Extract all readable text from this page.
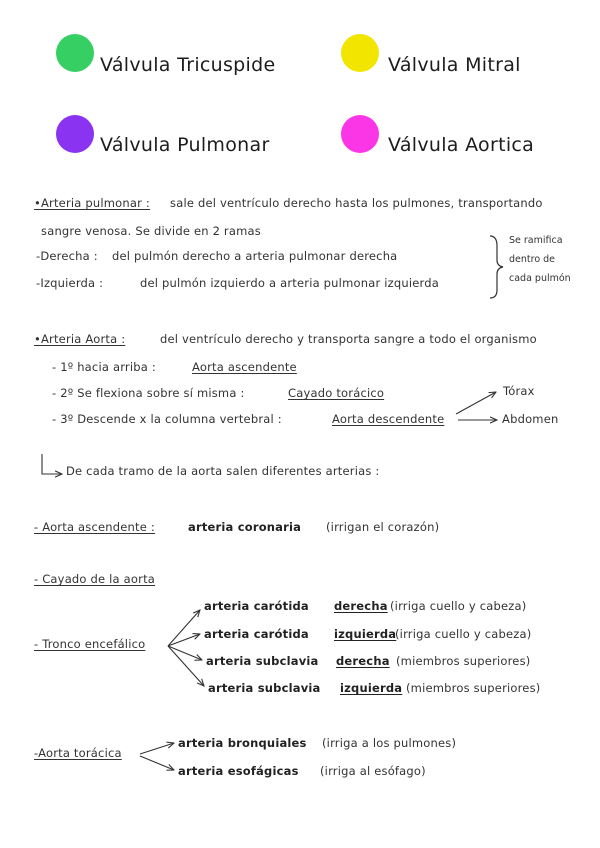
Válvula Tricuspide	Válvula Mitral
Válvula Pulmonar	Válvula Aortica
•Arteria pulmonar : sale del ventrículo derecho hasta los pulmones, transportando
sangre venosa. Se divide en 2 ramas
-Derecha : del pulmón derecho a arteria pulmonar derecha
-Izquierda :	del pulmón izquierdo a arteria pulmonar izquierda
Se ramifica
dentro de
cada pulmón
•Arteria Aorta :	del ventrículo derecho y transporta sangre a todo el organismo
- 1º hacia arriba :	Aorta ascendente
- 2º Se flexiona sobre sí misma :	Cayado torácico
- 3º Descende x la columna vertebral :	Aorta descendente
Tórax
Abdomen
De cada tramo de la aorta salen diferentes arterias :
- Aorta ascendente :	arteria coronaria (irrigan el corazón)
- Cayado de la aorta
- Tronco encefálico
arteria carótida derecha (irriga cuello y cabeza)
arteria carótida izquierda
(irriga cuello y cabeza)
arteria subclavia derecha (miembros superiores)
arteria subclavia izquierda (miembros superiores)
-Aorta torácica
arteria bronquiales (irriga a los pulmones)
arteria esofágicas (irriga al esófago)
